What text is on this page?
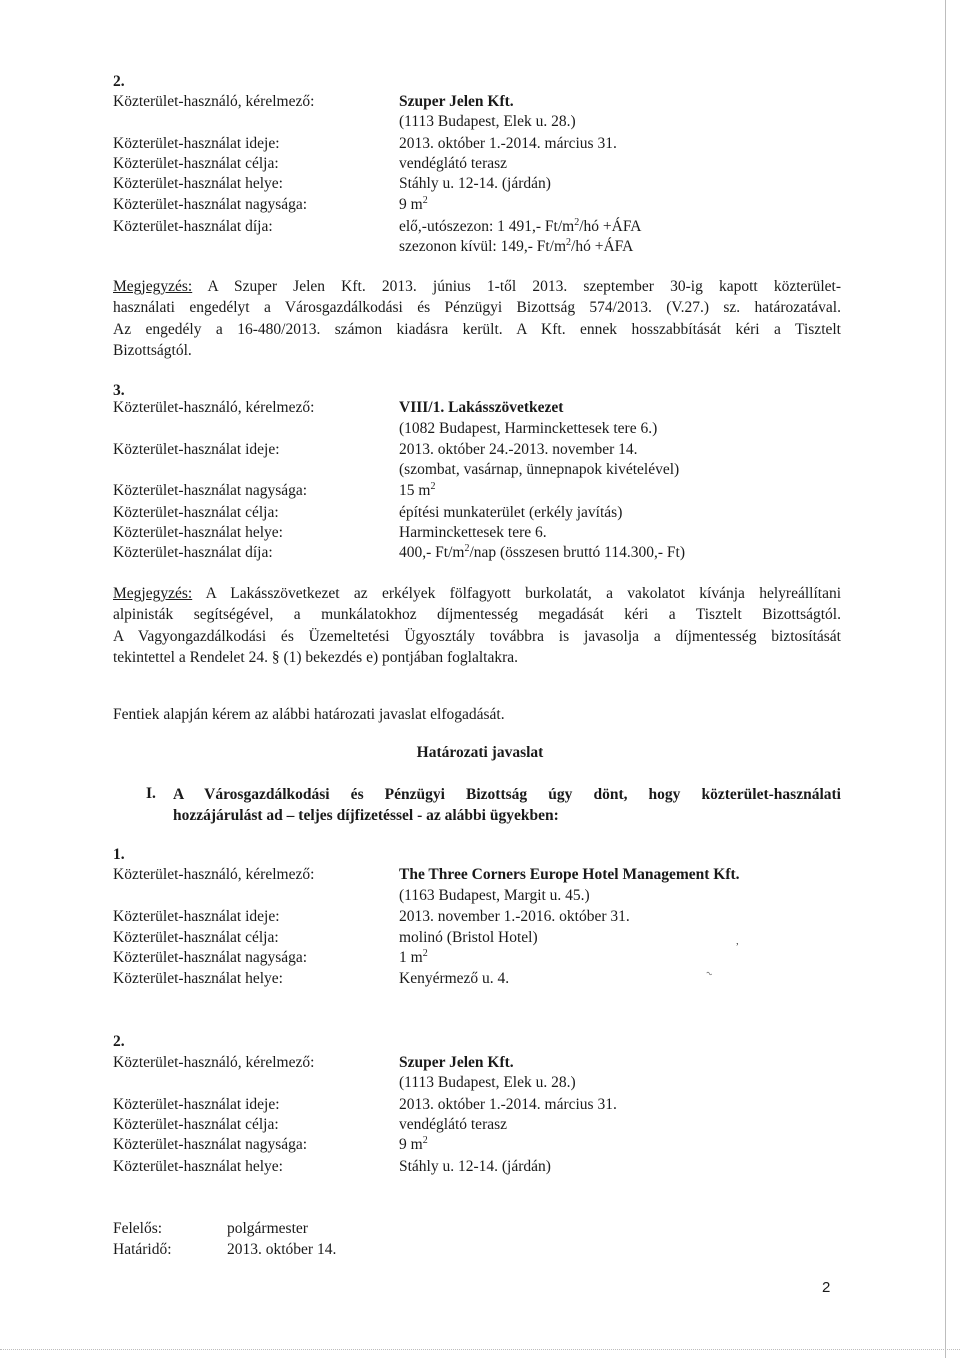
2.
Közterület-használó, kérelmező:	Szuper Jelen Kft.
(1113 Budapest, Elek u. 28.)
Közterület-használat ideje:	2013. október 1.-2014. március 31.
Közterület-használat célja:	vendéglátó terasz
Közterület-használat helye:	Stáhly u. 12-14. (járdán)
Közterület-használat nagysága:	9 $m^2$
Közterület-használat díja:	elő,-utószezon: 1 491,- $Ft/m^2/hó$ +ÁFA
szezonon kívül: 149,- $Ft/m^2/hó$ +ÁFA
Megjegyzés: A Szuper Jelen Kft. 2013. június 1-től 2013. szeptember 30-ig kapott közterület-
használati engedélyt a Városgazdálkodási és Pénzügyi Bizottság 574/2013. (V.27.) sz. határozatával.
Az engedély a 16-480/2013. számon kiadásra került. A Kft. ennek hosszabbítását kéri a Tisztelt
Bizottságtól.
3.
Közterület-használó, kérelmező:	VIII/1. Lakásszövetkezet
(1082 Budapest, Harminckettesek tere 6.)
Közterület-használat ideje:	2013. október 24.-2013. november 14.
(szombat, vasárnap, ünnepnapok kivételével)
Közterület-használat nagysága:	15 $m^2$
Közterület-használat célja:	építési munkaterület (erkély javítás)
Közterület-használat helye:	Harminckettesek tere 6.
Közterület-használat díja:	400,- $Ft/m^2$/nap (összesen bruttó 114.300,- Ft)
Megjegyzés: A Lakásszövetkezet az erkélyek fölfagyott burkolatát, a vakolatot kívánja helyreállítani
alpinisták segítségével, a munkálatokhoz díjmentesség megadását kéri a Tisztelt Bizottságtól.
A Vagyongazdálkodási és Üzemeltetési Ügyosztály továbbra is javasolja a díjmentesség biztosítását
tekintettel a Rendelet 24. § (1) bekezdés e) pontjában foglaltakra.
Fentiek alapján kérem az alábbi határozati javaslat elfogadását.
Határozati javaslat
I. A Városgazdálkodási és Pénzügyi Bizottság úgy dönt, hogy közterület-használati
hozzájárulást ad – teljes díjfizetéssel - az alábbi ügyekben:
1.
Közterület-használó, kérelmező:	The Three Corners Europe Hotel Management Kft.
(1163 Budapest, Margit u. 45.)
Közterület-használat ideje:	2013. november 1.-2016. október 31.
Közterület-használat célja:	molinó (Bristol Hotel)
Közterület-használat nagysága:	1 $m^2$
Közterület-használat helye:	Kenyérmező u. 4.
,
~
2.
Közterület-használó, kérelmező:	Szuper Jelen Kft.
(1113 Budapest, Elek u. 28.)
Közterület-használat ideje:	2013. október 1.-2014. március 31.
Közterület-használat célja:	vendéglátó terasz
Közterület-használat nagysága:	9 $m^2$
Közterület-használat helye:	Stáhly u. 12-14. (járdán)
Felelős:	polgármester
Határidő:	2013. október 14.
2
